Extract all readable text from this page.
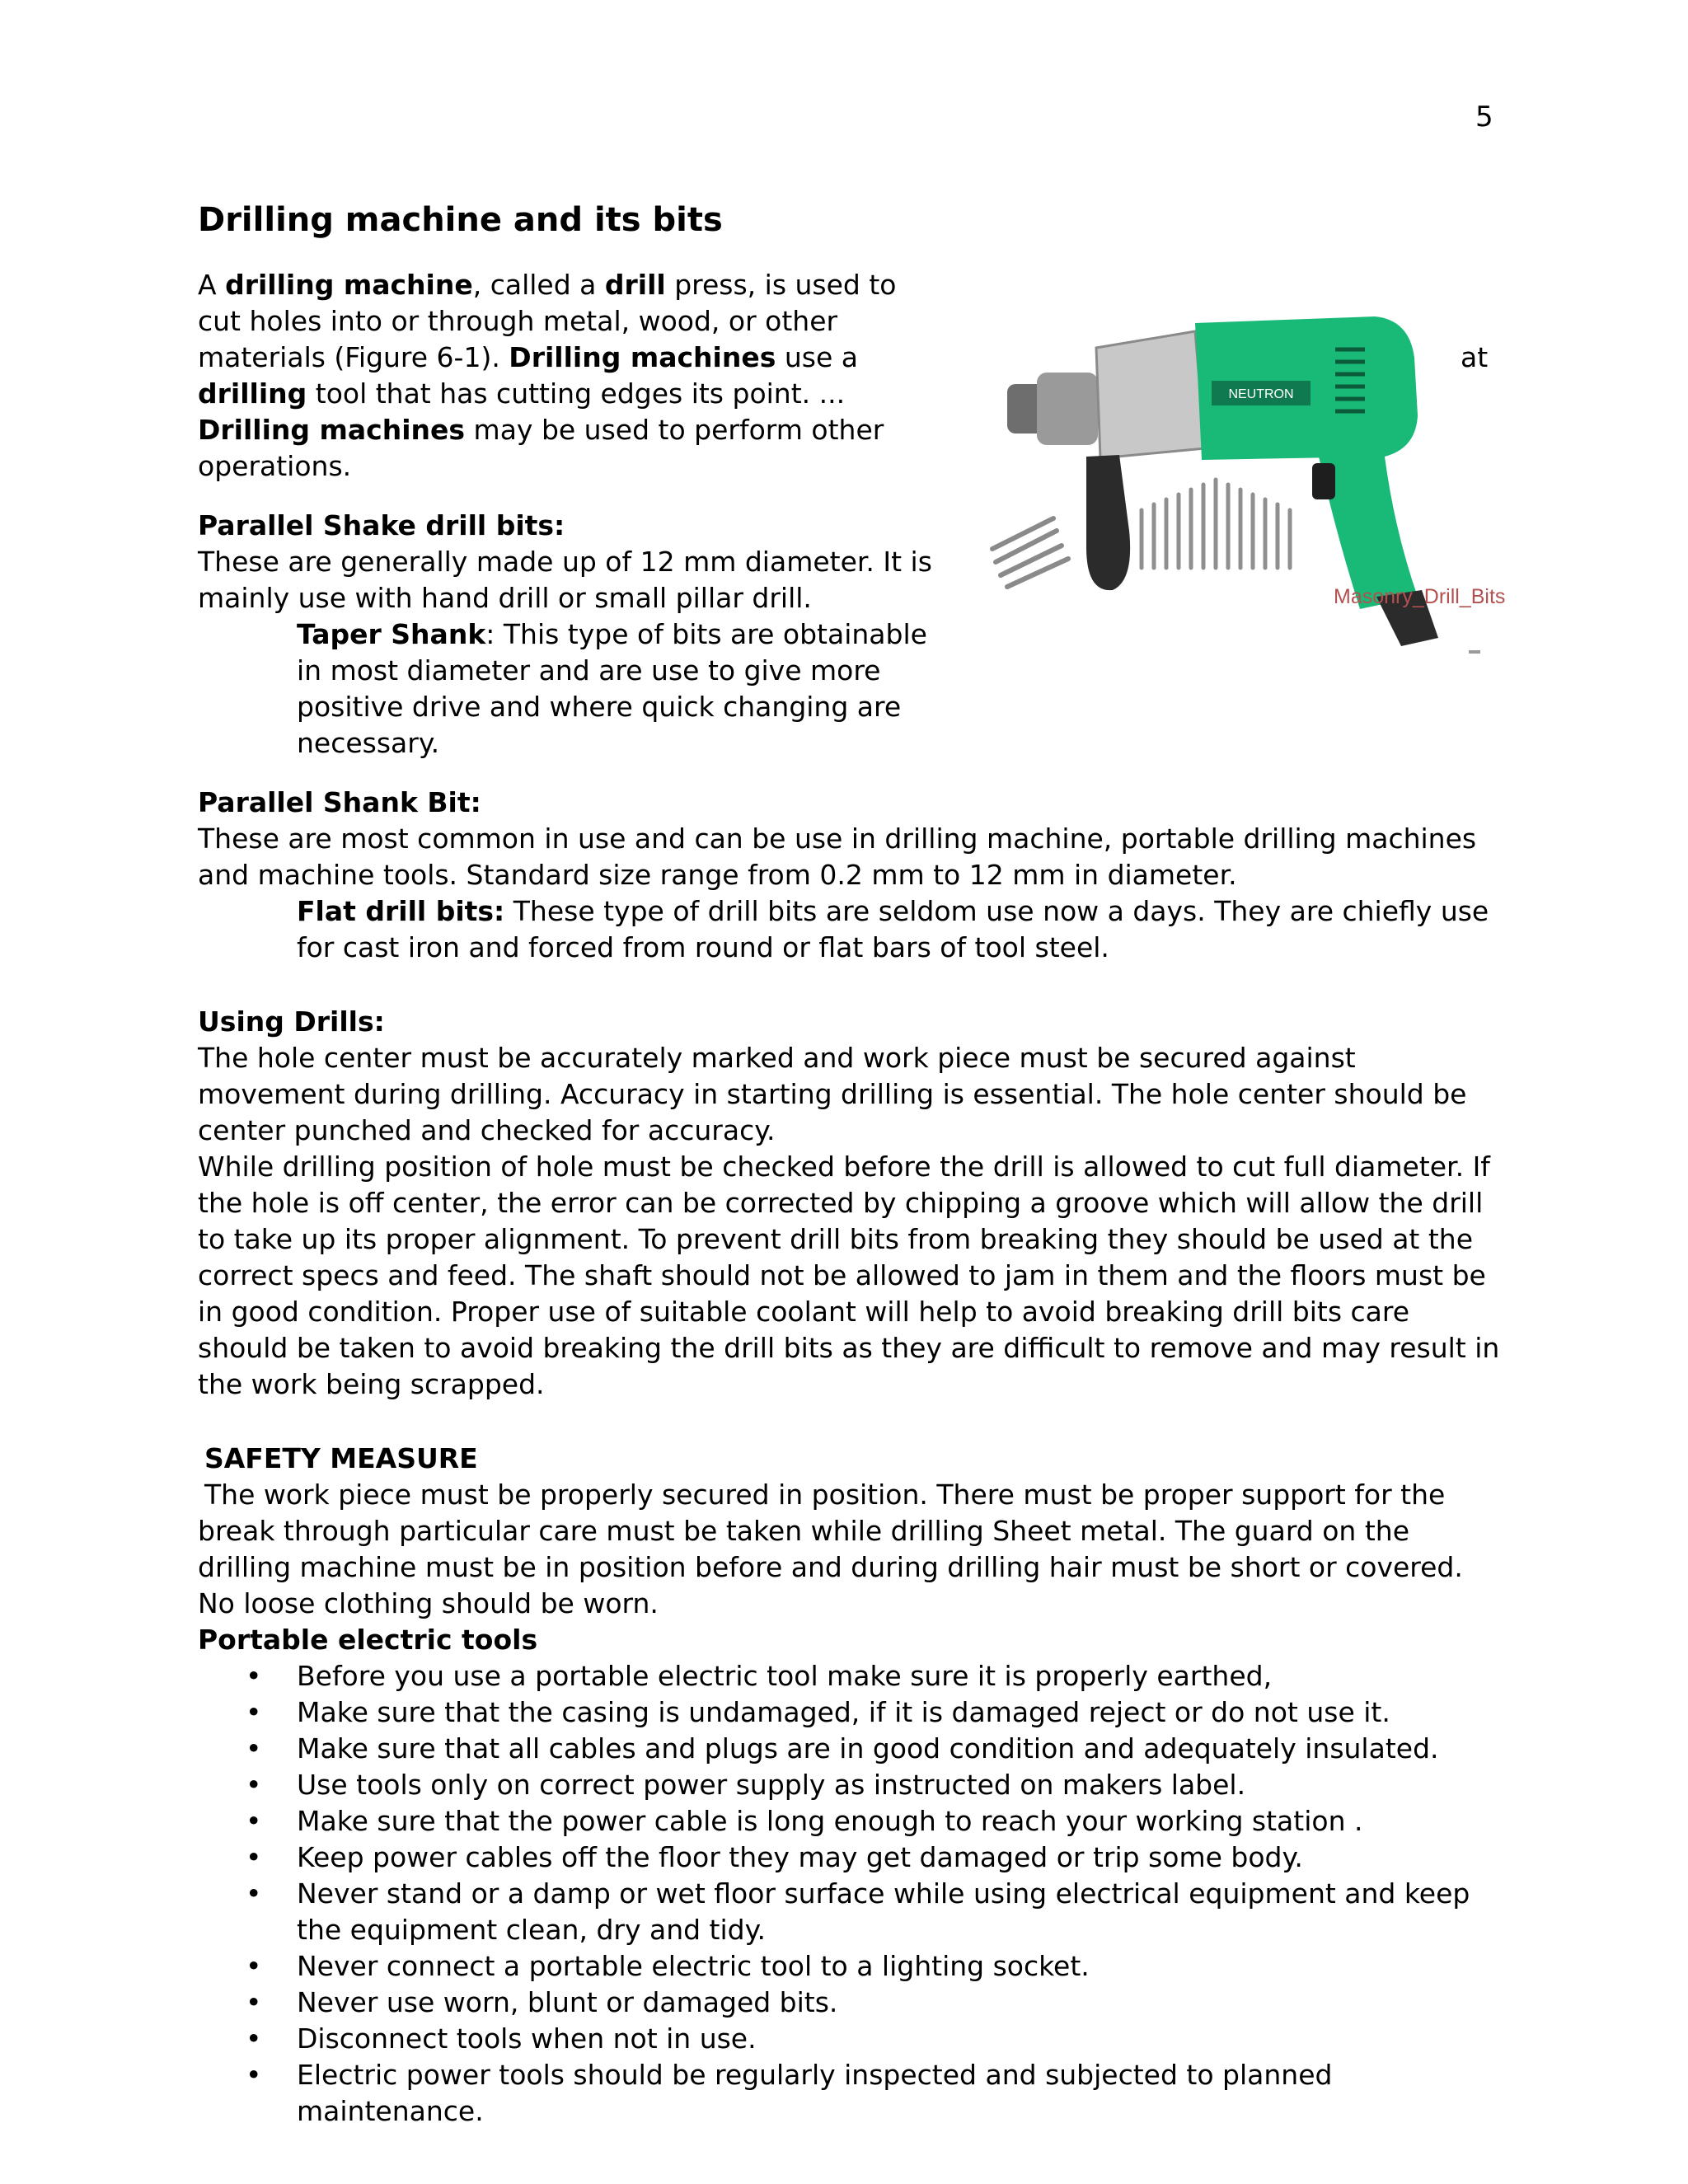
5
Drilling machine and its bits

A drilling machine, called a drill press, is used to cut holes into or through metal, wood, or other materials (Figure 6-1). Drilling machines use a drilling tool that has cutting edges its point. ... Drilling machines may be used to perform other operations.

at
NEUTRON
Masonry_Drill_Bits

Parallel Shake drill bits:

These are generally made up of 12 mm diameter. It is mainly use with hand drill or small pillar drill.

Taper Shank: This type of bits are obtainable in most diameter and are use to give more positive drive and where quick changing are necessary.

Parallel Shank Bit:

These are most common in use and can be use in drilling machine, portable drilling machines and machine tools. Standard size range from 0.2 mm to 12 mm in diameter.

Flat drill bits: These type of drill bits are seldom use now a days. They are chiefly use for cast iron and forced from round or flat bars of tool steel.

Using Drills:

The hole center must be accurately marked and work piece must be secured against movement during drilling. Accuracy in starting drilling is essential. The hole center should be center punched and checked for accuracy.

While drilling position of hole must be checked before the drill is allowed to cut full diameter. If the hole is off center, the error can be corrected by chipping a groove which will allow the drill to take up its proper alignment. To prevent drill bits from breaking they should be used at the correct specs and feed. The shaft should not be allowed to jam in them and the floors must be in good condition. Proper use of suitable coolant will help to avoid breaking drill bits care should be taken to avoid breaking the drill bits as they are difficult to remove and may result in the work being scrapped.

SAFETY MEASURE

The work piece must be properly secured in position. There must be proper support for the break through particular care must be taken while drilling Sheet metal. The guard on the drilling machine must be in position before and during drilling hair must be short or covered. No loose clothing should be worn.

Portable electric tools

• Before you use a portable electric tool make sure it is properly earthed,
• Make sure that the casing is undamaged, if it is damaged reject or do not use it.
• Make sure that all cables and plugs are in good condition and adequately insulated.
• Use tools only on correct power supply as instructed on makers label.
• Make sure that the power cable is long enough to reach your working station .
• Keep power cables off the floor they may get damaged or trip some body.
• Never stand or a damp or wet floor surface while using electrical equipment and keep the equipment clean, dry and tidy.
• Never connect a portable electric tool to a lighting socket.
• Never use worn, blunt or damaged bits.
• Disconnect tools when not in use.
• Electric power tools should be regularly inspected and subjected to planned maintenance.
